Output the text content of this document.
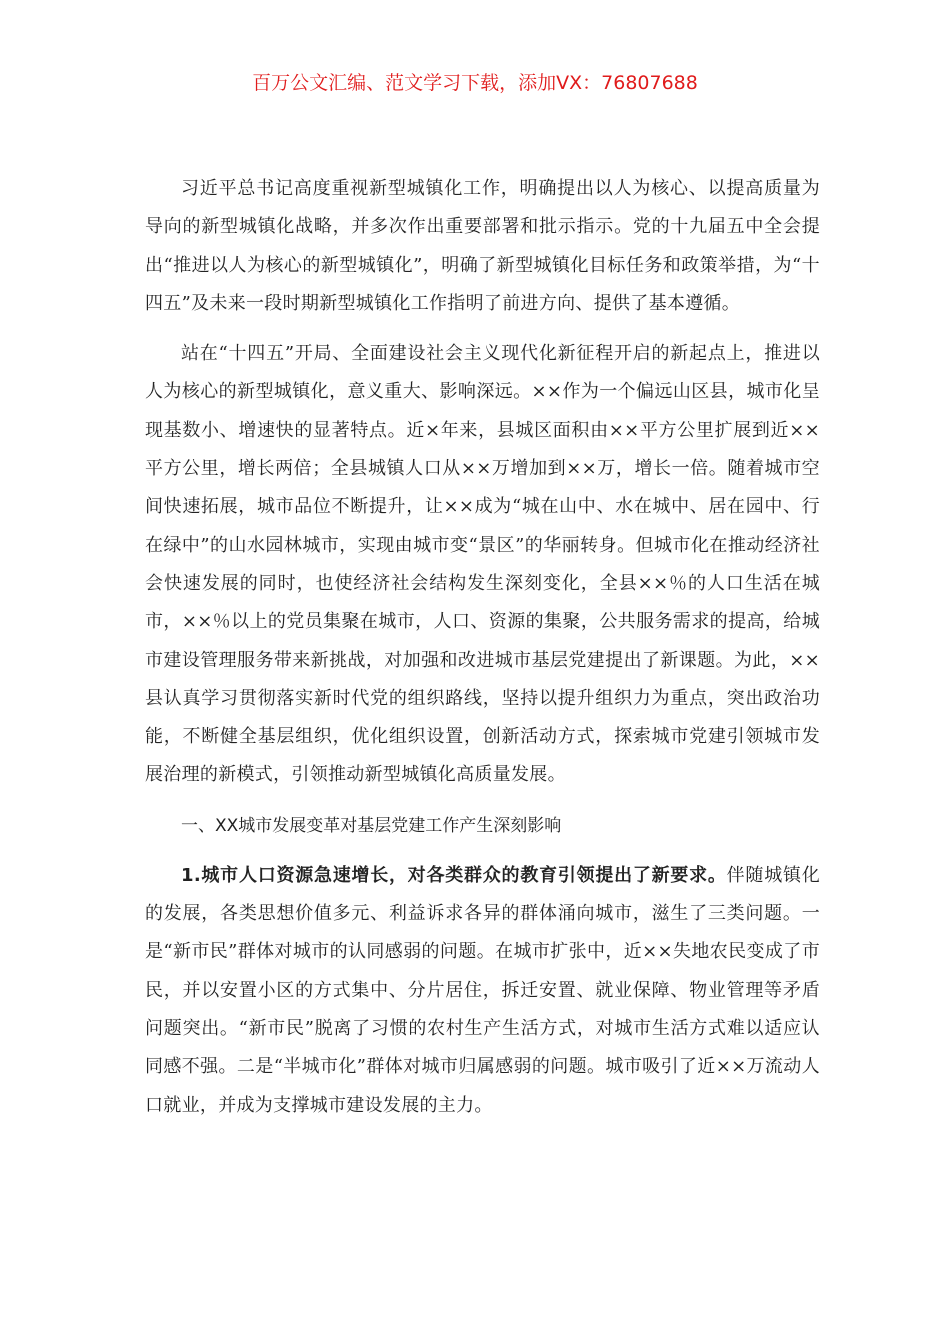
百万公文汇编、范文学习下载，添加VX：76807688

习近平总书记高度重视新型城镇化工作，明确提出以人为核心、以提高质量为导向的新型城镇化战略，并多次作出重要部署和批示指示。党的十九届五中全会提出“推进以人为核心的新型城镇化”，明确了新型城镇化目标任务和政策举措，为“十四五”及未来一段时期新型城镇化工作指明了前进方向、提供了基本遵循。

站在“十四五”开局、全面建设社会主义现代化新征程开启的新起点上，推进以人为核心的新型城镇化，意义重大、影响深远。××作为一个偏远山区县，城市化呈现基数小、增速快的显著特点。近×年来，县城区面积由××平方公里扩展到近××平方公里，增长两倍；全县城镇人口从××万增加到××万，增长一倍。随着城市空间快速拓展，城市品位不断提升，让××成为“城在山中、水在城中、居在园中、行在绿中”的山水园林城市，实现由城市变“景区”的华丽转身。但城市化在推动经济社会快速发展的同时，也使经济社会结构发生深刻变化，全县××％的人口生活在城市，××％以上的党员集聚在城市，人口、资源的集聚，公共服务需求的提高，给城市建设管理服务带来新挑战，对加强和改进城市基层党建提出了新课题。为此，××县认真学习贯彻落实新时代党的组织路线，坚持以提升组织力为重点，突出政治功能，不断健全基层组织，优化组织设置，创新活动方式，探索城市党建引领城市发展治理的新模式，引领推动新型城镇化高质量发展。

一、XX城市发展变革对基层党建工作产生深刻影响

1.城市人口资源急速增长，对各类群众的教育引领提出了新要求。伴随城镇化的发展，各类思想价值多元、利益诉求各异的群体涌向城市，滋生了三类问题。一是“新市民”群体对城市的认同感弱的问题。在城市扩张中，近××失地农民变成了市民，并以安置小区的方式集中、分片居住，拆迁安置、就业保障、物业管理等矛盾问题突出。“新市民”脱离了习惯的农村生产生活方式，对城市生活方式难以适应认同感不强。二是“半城市化”群体对城市归属感弱的问题。城市吸引了近××万流动人口就业，并成为支撑城市建设发展的主力。
